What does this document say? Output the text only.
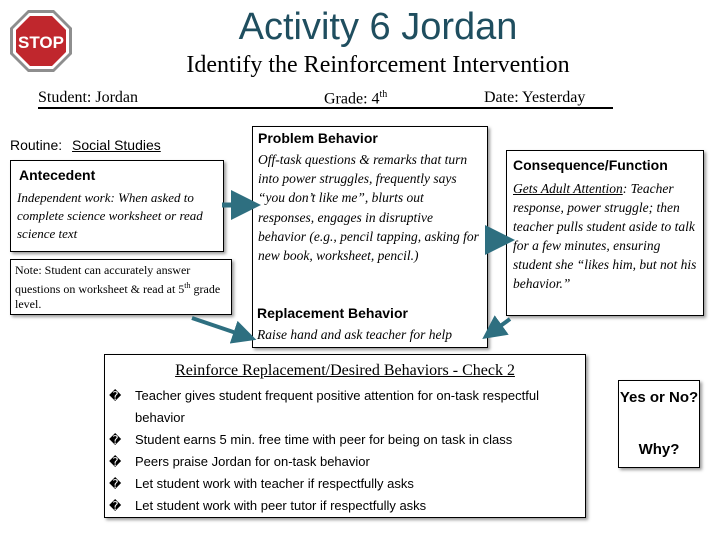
STOP	Activity 6 Jordan
Identify the Reinforcement Intervention
Student: Jordan	Grade: 4th	Date: Yesterday
Routine: Social Studies
Antecedent
Independent work: When asked to complete science worksheet or read science text
Note: Student can accurately answer questions on worksheet & read at 5th grade level.
Problem Behavior
Off-task questions & remarks that turn into power struggles, frequently says “you don’t like me”, blurts out responses, engages in disruptive behavior (e.g., pencil tapping, asking for new book, worksheet, pencil.)
Replacement Behavior
Raise hand and ask teacher for help
Consequence/Function
Gets Adult Attention: Teacher response, power struggle; then teacher pulls student aside to talk for a few minutes, ensuring student she “likes him, but not his behavior.”
Reinforce Replacement/Desired Behaviors - Check 2
� Teacher gives student frequent positive attention for on-task respectful behavior
� Student earns 5 min. free time with peer for being on task in class
� Peers praise Jordan for on-task behavior
� Let student work with teacher if respectfully asks
� Let student work with peer tutor if respectfully asks
Yes or No?
Why?
